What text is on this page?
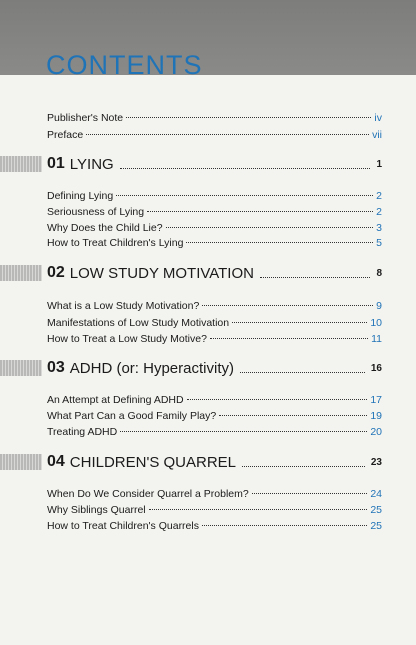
CONTENTS
Publisher's Note	iv
Preface	vii
01 LYING	1
Defining Lying	2
Seriousness of Lying	2
Why Does the Child Lie?	3
How to Treat Children's Lying	5
02 LOW STUDY MOTIVATION	8
What is a Low Study Motivation?	9
Manifestations of Low Study Motivation	10
How to Treat a Low Study Motive?	11
03 ADHD (or: Hyperactivity)	16
An Attempt at Defining ADHD	17
What Part Can a Good Family Play?	19
Treating ADHD	20
04 CHILDREN'S QUARREL	23
When Do We Consider Quarrel a Problem?	24
Why Siblings Quarrel	25
How to Treat Children's Quarrels	25
